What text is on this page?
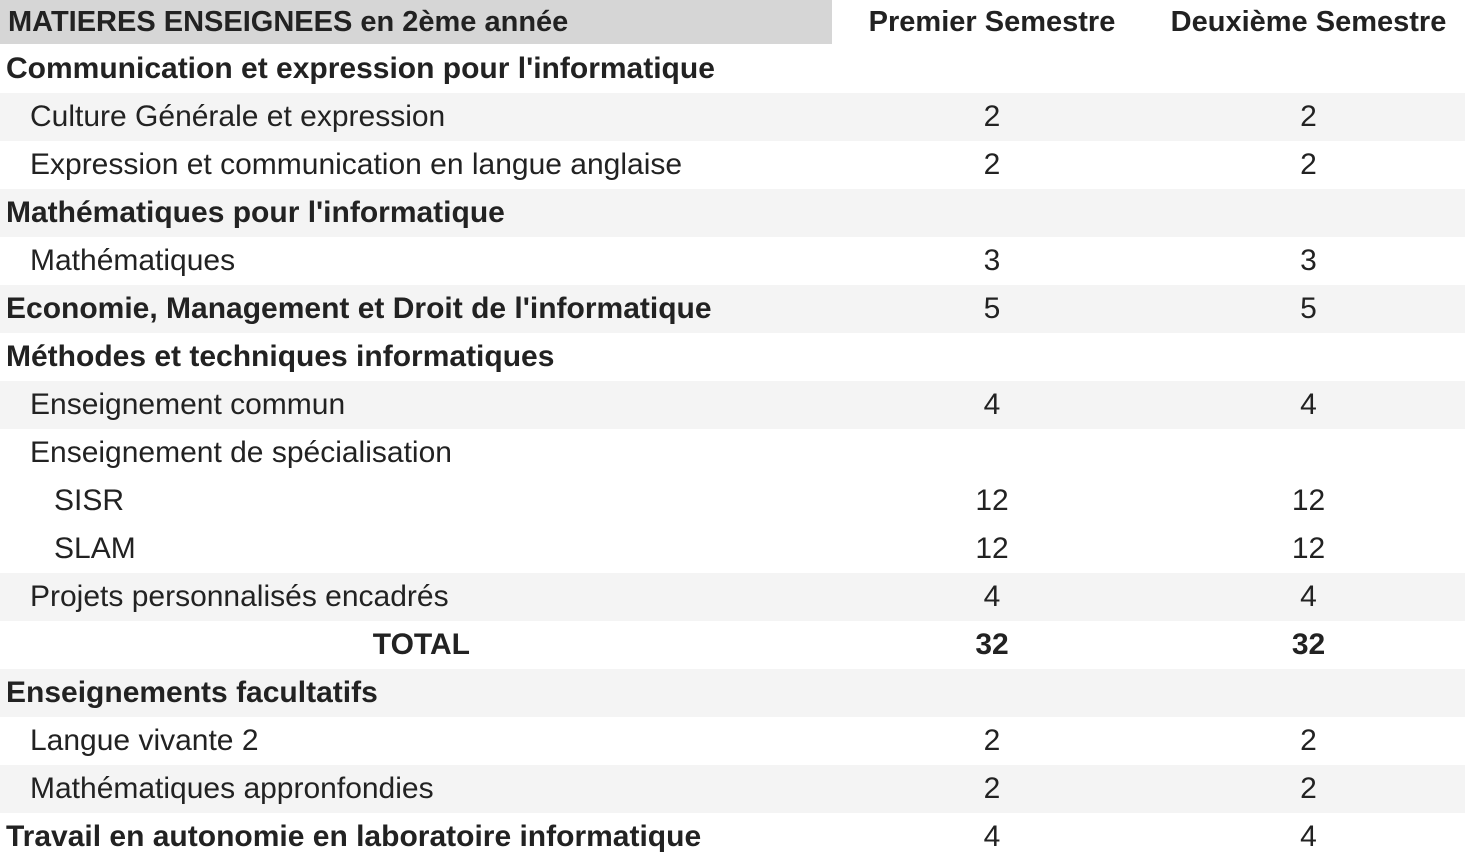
MATIERES ENSEIGNEES en 2ème année	Premier Semestre	Deuxième Semestre
Communication et expression pour l'informatique
Culture Générale et expression	2	2
Expression et communication en langue anglaise	2	2
Mathématiques pour l'informatique
Mathématiques	3	3
Economie, Management et Droit de l'informatique	5	5
Méthodes et techniques informatiques
Enseignement commun	4	4
Enseignement de spécialisation
SISR	12	12
SLAM	12	12
Projets personnalisés encadrés	4	4
TOTAL	32	32
Enseignements facultatifs
Langue vivante 2	2	2
Mathématiques appronfondies	2	2
Travail en autonomie en laboratoire informatique	4	4
